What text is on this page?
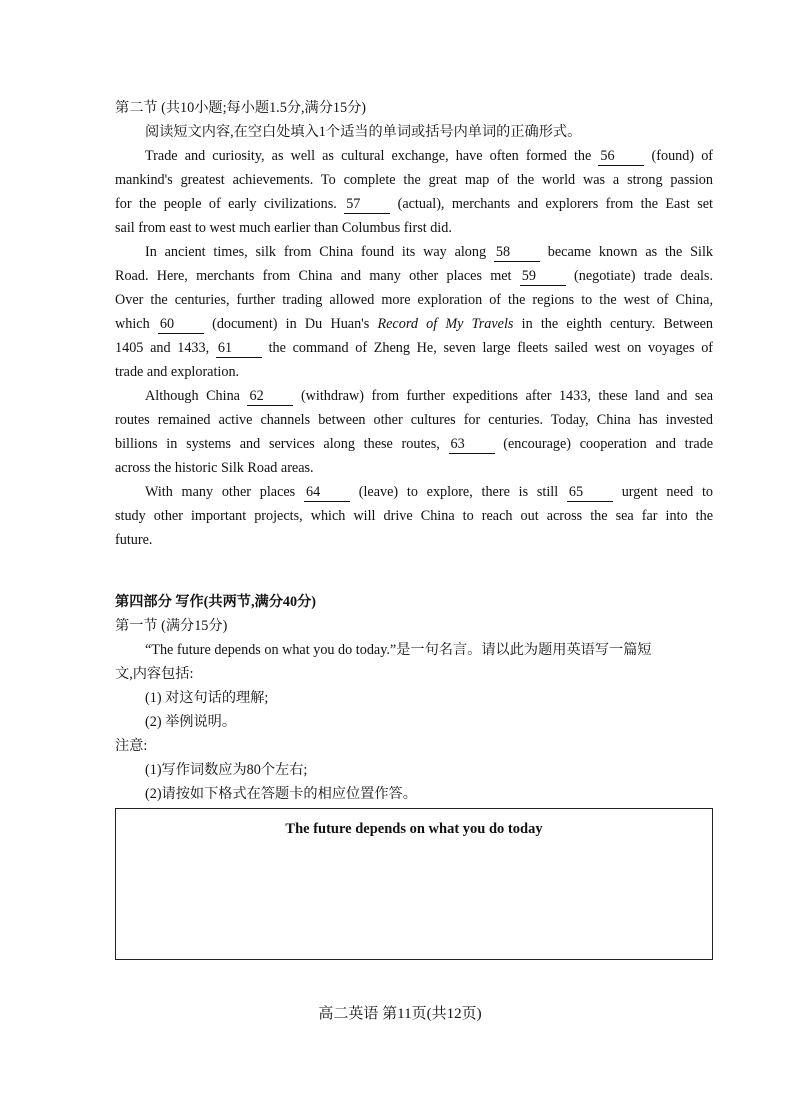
第二节 (共10小题;每小题1.5分,满分15分)
阅读短文内容,在空白处填入1个适当的单词或括号内单词的正确形式。
Trade and curiosity, as well as cultural exchange, have often formed the 56	(found) of
mankind's greatest achievements. To complete the great map of the world was a strong passion
for the people of early civilizations. 57	(actual), merchants and explorers from the East set
sail from east to west much earlier than Columbus first did.
In ancient times, silk from China found its way along 58	became known as the Silk
Road. Here, merchants from China and many other places met 59	(negotiate) trade deals.
Over the centuries, further trading allowed more exploration of the regions to the west of China,
which 60	(document) in Du Huan's Record of My Travels in the eighth century. Between
1405 and 1433, 61	the command of Zheng He, seven large fleets sailed west on voyages of
trade and exploration.
Although China 62	(withdraw) from further expeditions after 1433, these land and sea
routes remained active channels between other cultures for centuries. Today, China has invested
billions in systems and services along these routes, 63	(encourage) cooperation and trade
across the historic Silk Road areas.
With many other places 64	(leave) to explore, there is still 65	urgent need to
study other important projects, which will drive China to reach out across the sea far into the
future.
第四部分 写作(共两节,满分40分)
第一节 (满分15分)
“The future depends on what you do today.”是一句名言。请以此为题用英语写一篇短
文,内容包括:
(1) 对这句话的理解;
(2) 举例说明。
注意:
(1)写作词数应为80个左右;
(2)请按如下格式在答题卡的相应位置作答。
The future depends on what you do today
高二英语 第11页(共12页)
